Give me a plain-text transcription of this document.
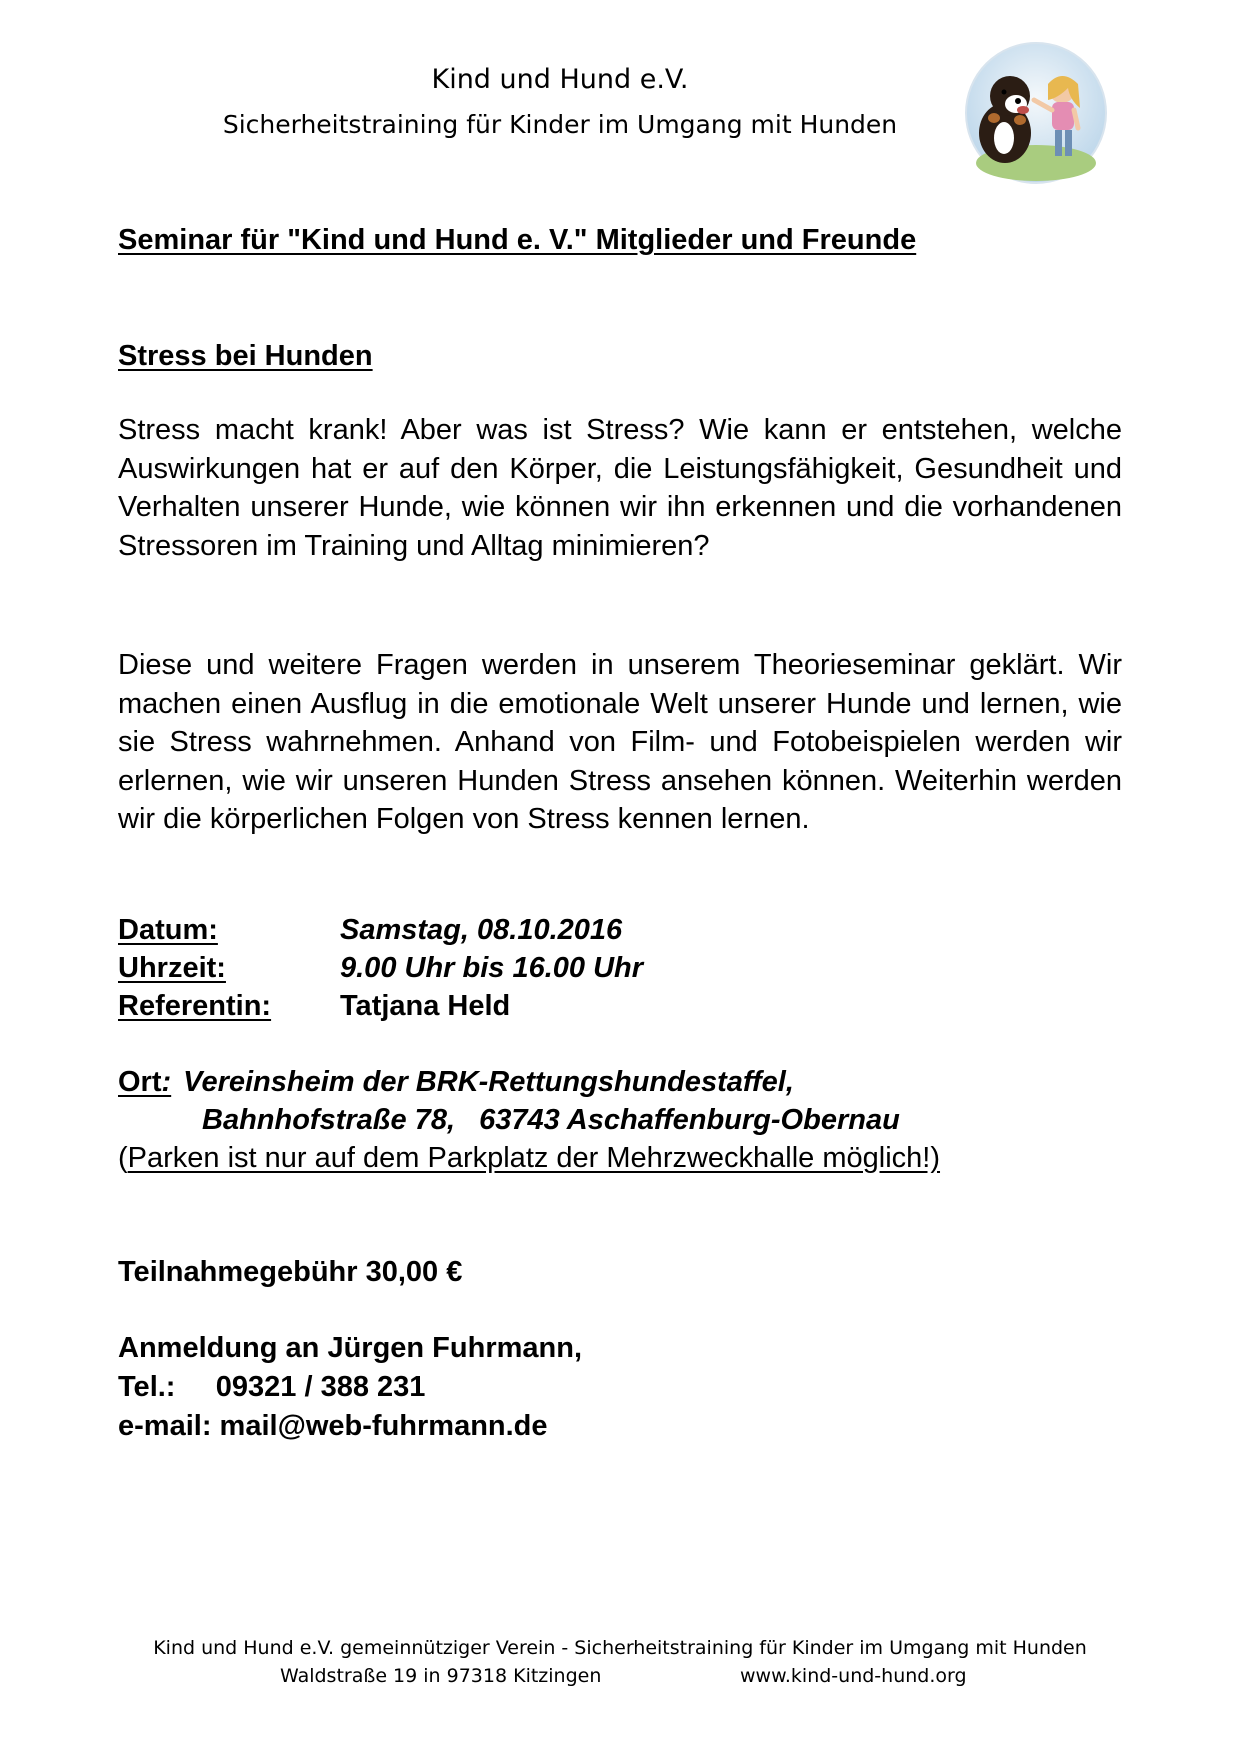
Kind und Hund e.V.
Sicherheitstraining für Kinder im Umgang mit Hunden
Seminar für "Kind und Hund e. V." Mitglieder und Freunde
Stress bei Hunden
Stress macht krank! Aber was ist Stress? Wie kann er entstehen, welche Auswirkungen hat er auf den Körper, die Leistungsfähigkeit, Gesundheit und Verhalten unserer Hunde, wie können wir ihn erkennen und die vorhandenen Stressoren im Training und Alltag minimieren?
Diese und weitere Fragen werden in unserem Theorieseminar geklärt. Wir machen einen Ausflug in die emotionale Welt unserer Hunde und lernen, wie sie Stress wahrnehmen. Anhand von Film- und Fotobeispielen werden wir erlernen, wie wir unseren Hunden Stress ansehen können. Weiterhin werden wir die körperlichen Folgen von Stress kennen lernen.
Datum:	Samstag, 08.10.2016
Uhrzeit:	9.00 Uhr bis 16.00 Uhr
Referentin: Tatjana Held
Ort: Vereinsheim der BRK-Rettungshundestaffel,
Bahnhofstraße 78,   63743 Aschaffenburg-Obernau
(Parken ist nur auf dem Parkplatz der Mehrzweckhalle möglich!)
Teilnahmegebühr 30,00 €
Anmeldung an Jürgen Fuhrmann,
Tel.: 09321 / 388 231
e-mail: mail@web-fuhrmann.de
Kind und Hund e.V. gemeinnütziger Verein - Sicherheitstraining für Kinder im Umgang mit Hunden
Waldstraße 19 in 97318 Kitzingen	www.kind-und-hund.org
